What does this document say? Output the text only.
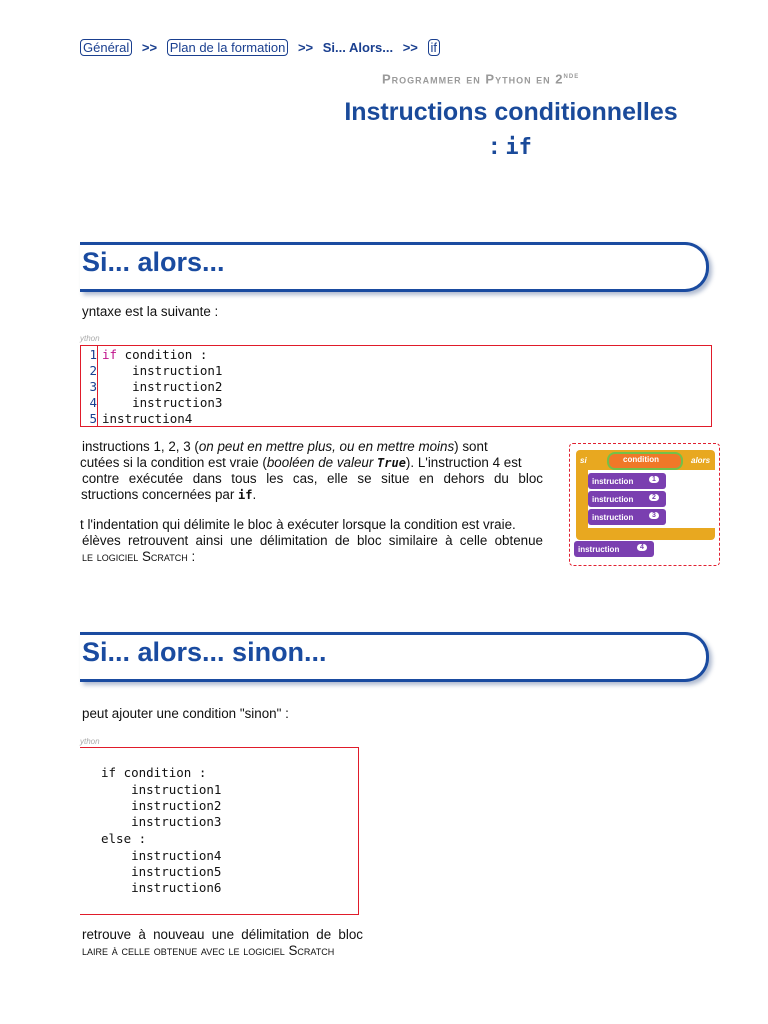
Général >> Plan de la formation >> Si... Alors... >> if
Programmer en Python en 2nde
Instructions conditionnelles
: if
Si... alors...
yntaxe est la suivante :
ython
1
2
3
4
5
if condition :
instruction1
instruction2
instruction3
instruction4
instructions 1, 2, 3 (on peut en mettre plus, ou en mettre moins) sont
cutées si la condition est vraie (booléen de valeur True). L'instruction 4 est
contre exécutée dans tous les cas, elle se situe en dehors du bloc
structions concernées par if.
t l'indentation qui délimite le bloc à exécuter lorsque la condition est vraie.
élèves retrouvent ainsi une délimitation de bloc similaire à celle obtenue
le logiciel Scratch :
si	condition	alors
instruction	1
instruction	2
instruction	3
instruction	4
Si... alors... sinon...
peut ajouter une condition "sinon" :
ython
if condition :
instruction1
instruction2
instruction3
else :
instruction4
instruction5
instruction6
retrouve à nouveau une délimitation de bloc
laire à celle obtenue avec le logiciel Scratch
